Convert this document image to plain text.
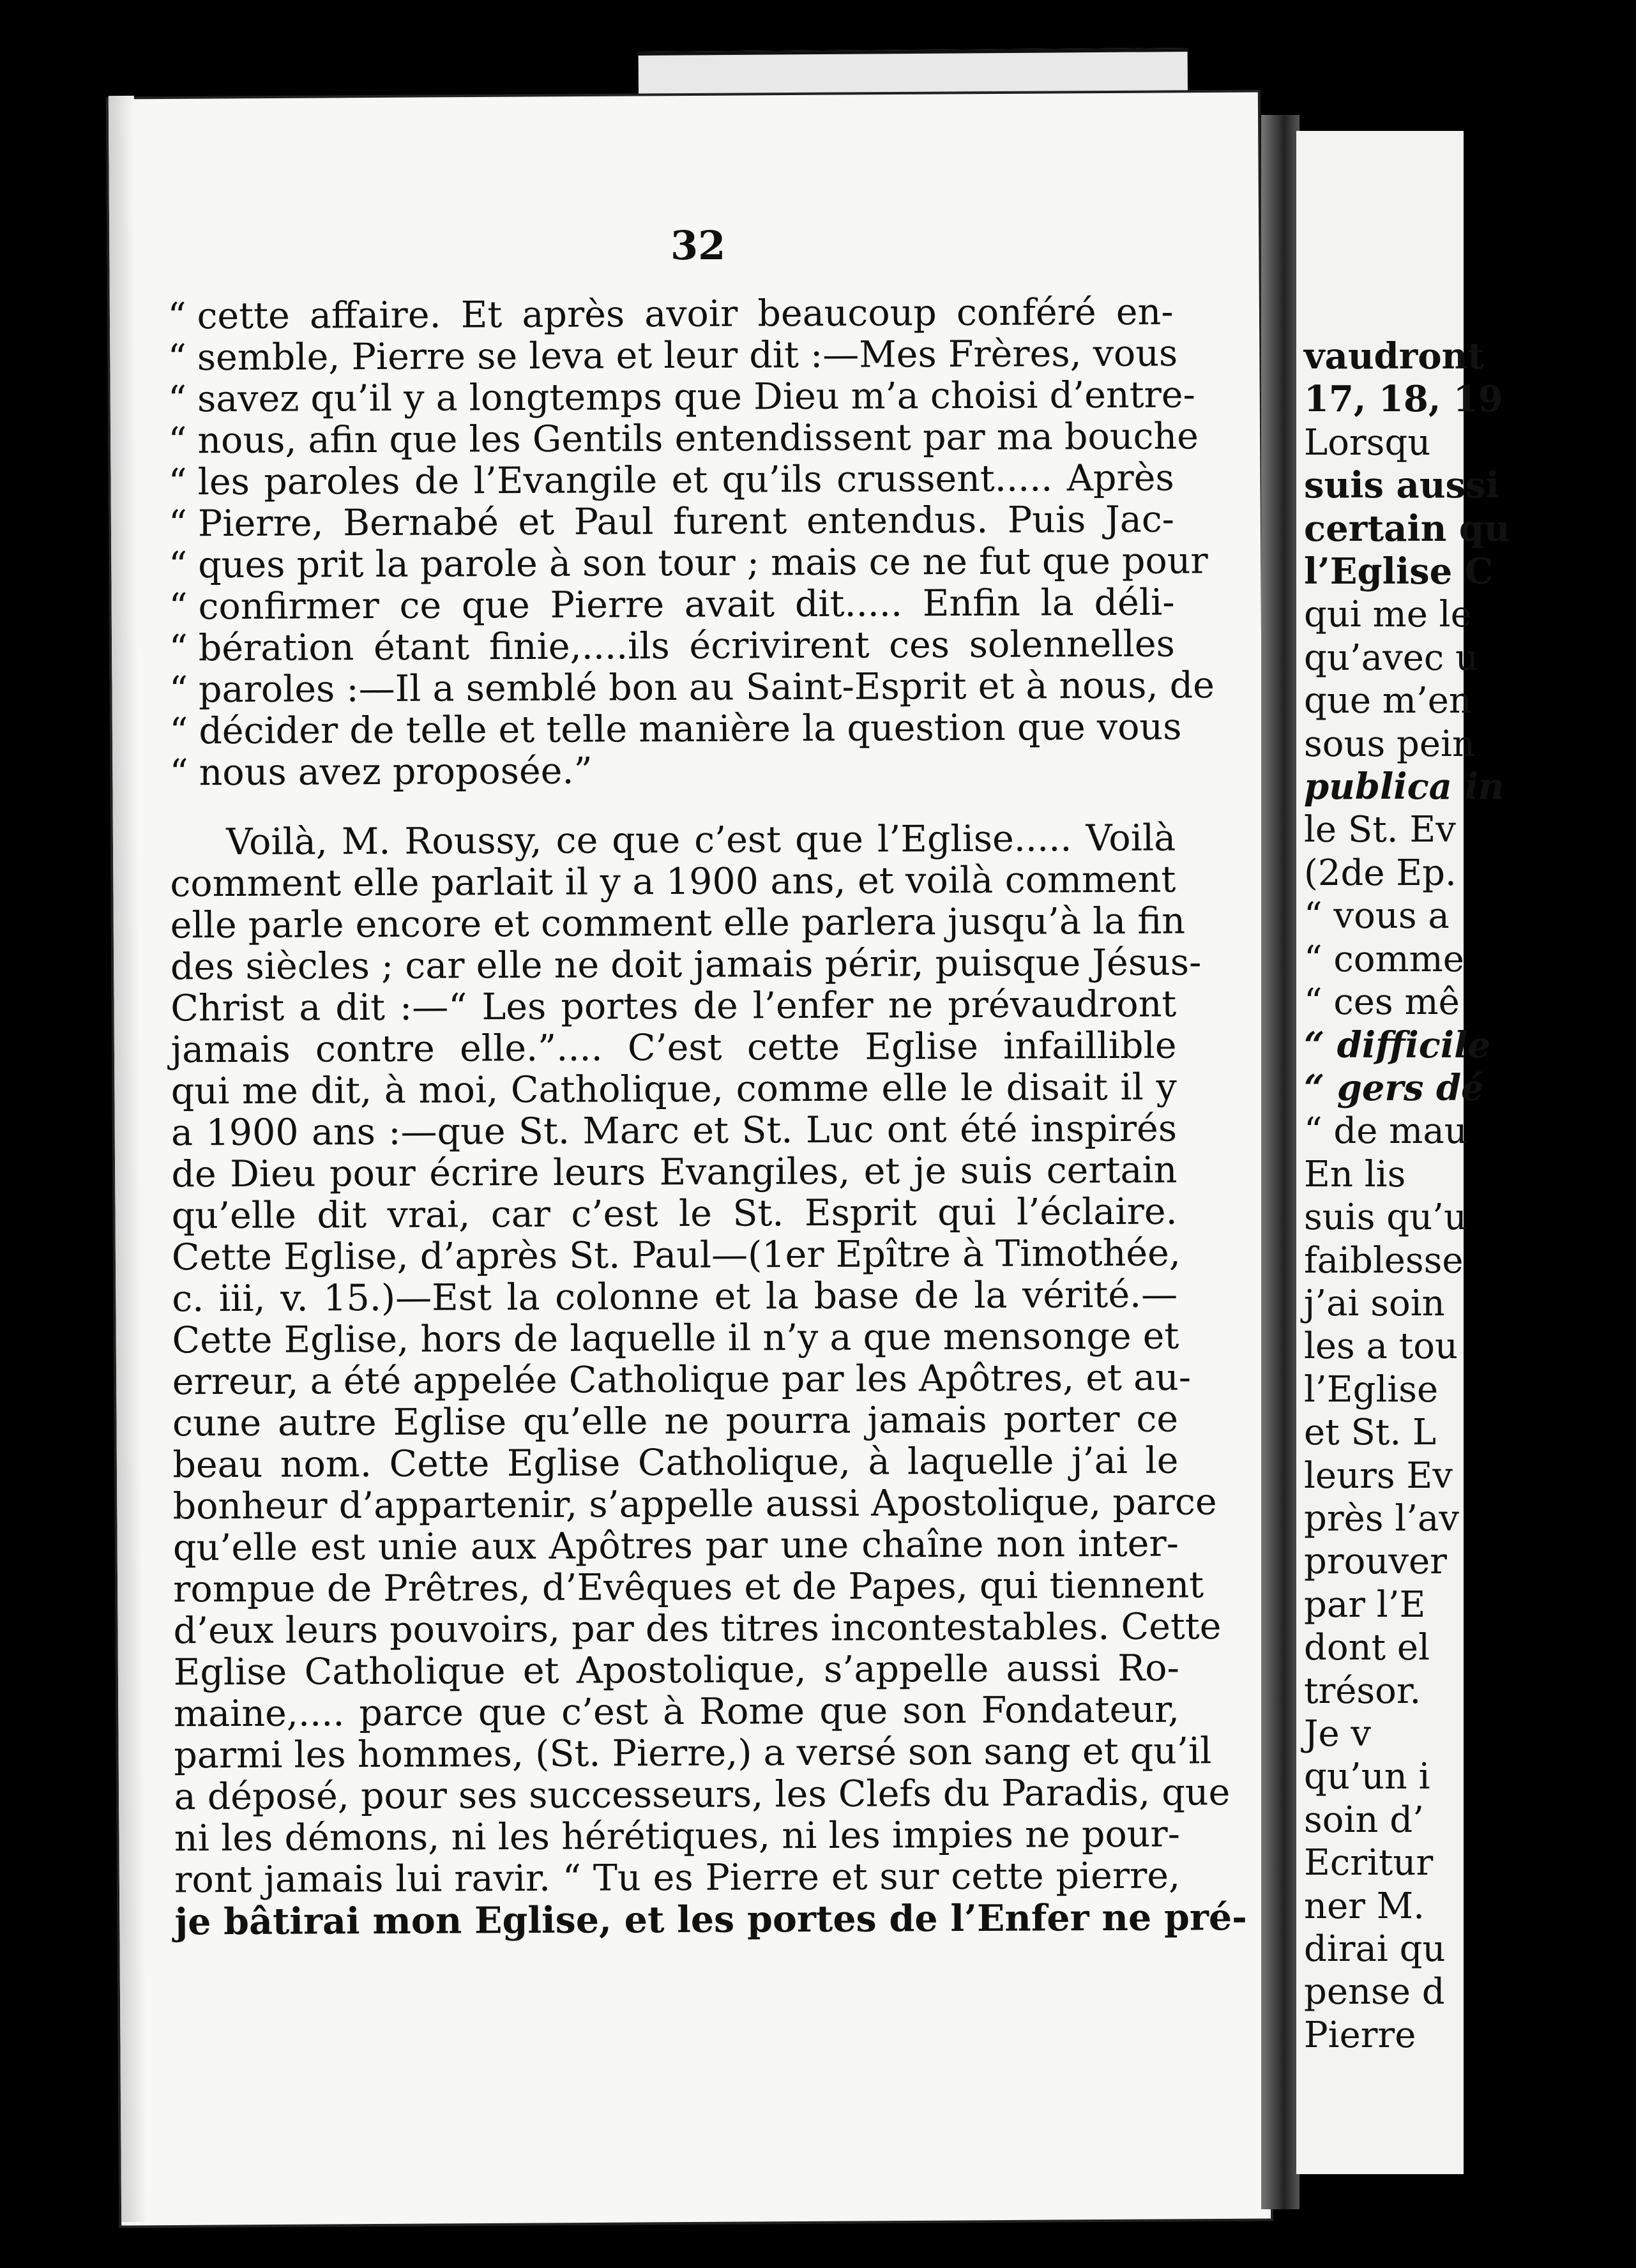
vaudront
17, 18, 19
Lorsqu
suis aussi
certain qu
l’Eglise C
qui me le
qu’avec u
que m’en
sous pein
publica in
le St. Ev
(2de Ep.
“ vous a
“ comme
“ ces mê
“ difficile
“ gers dé
“ de mau
En lis
suis qu’u
faiblesse
j’ai soin
les a tou
l’Eglise
et St. L
leurs Ev
près l’av
prouver
par l’E
dont el
trésor.
Je v
qu’un i
soin d’
Ecritur
ner M.
dirai qu
pense d
Pierre
32
“ cette affaire. Et après avoir beaucoup conféré en-
“ semble, Pierre se leva et leur dit :—Mes Frères, vous
“ savez qu’il y a longtemps que Dieu m’a choisi d’entre-
“ nous, afin que les Gentils entendissent par ma bouche
“ les paroles de l’Evangile et qu’ils crussent..... Après
“ Pierre, Bernabé et Paul furent entendus. Puis Jac-
“ ques prit la parole à son tour ; mais ce ne fut que pour
“ confirmer ce que Pierre avait dit..... Enfin la déli-
“ bération étant finie,....ils écrivirent ces solennelles
“ paroles :—Il a semblé bon au Saint-Esprit et à nous, de
“ décider de telle et telle manière la question que vous
“ nous avez proposée.”
Voilà, M. Roussy, ce que c’est que l’Eglise..... Voilà
comment elle parlait il y a 1900 ans, et voilà comment
elle parle encore et comment elle parlera jusqu’à la fin
des siècles ; car elle ne doit jamais périr, puisque Jésus-
Christ a dit :—“ Les portes de l’enfer ne prévaudront
jamais contre elle.”.... C’est cette Eglise infaillible
qui me dit, à moi, Catholique, comme elle le disait il y
a 1900 ans :—que St. Marc et St. Luc ont été inspirés
de Dieu pour écrire leurs Evangiles, et je suis certain
qu’elle dit vrai, car c’est le St. Esprit qui l’éclaire.
Cette Eglise, d’après St. Paul—(1er Epître à Timothée,
c. iii, v. 15.)—Est la colonne et la base de la vérité.—
Cette Eglise, hors de laquelle il n’y a que mensonge et
erreur, a été appelée Catholique par les Apôtres, et au-
cune autre Eglise qu’elle ne pourra jamais porter ce
beau nom. Cette Eglise Catholique, à laquelle j’ai le
bonheur d’appartenir, s’appelle aussi Apostolique, parce
qu’elle est unie aux Apôtres par une chaîne non inter-
rompue de Prêtres, d’Evêques et de Papes, qui tiennent
d’eux leurs pouvoirs, par des titres incontestables. Cette
Eglise Catholique et Apostolique, s’appelle aussi Ro-
maine,.... parce que c’est à Rome que son Fondateur,
parmi les hommes, (St. Pierre,) a versé son sang et qu’il
a déposé, pour ses successeurs, les Clefs du Paradis, que
ni les démons, ni les hérétiques, ni les impies ne pour-
ront jamais lui ravir. “ Tu es Pierre et sur cette pierre,
je bâtirai mon Eglise, et les portes de l’Enfer ne pré-
